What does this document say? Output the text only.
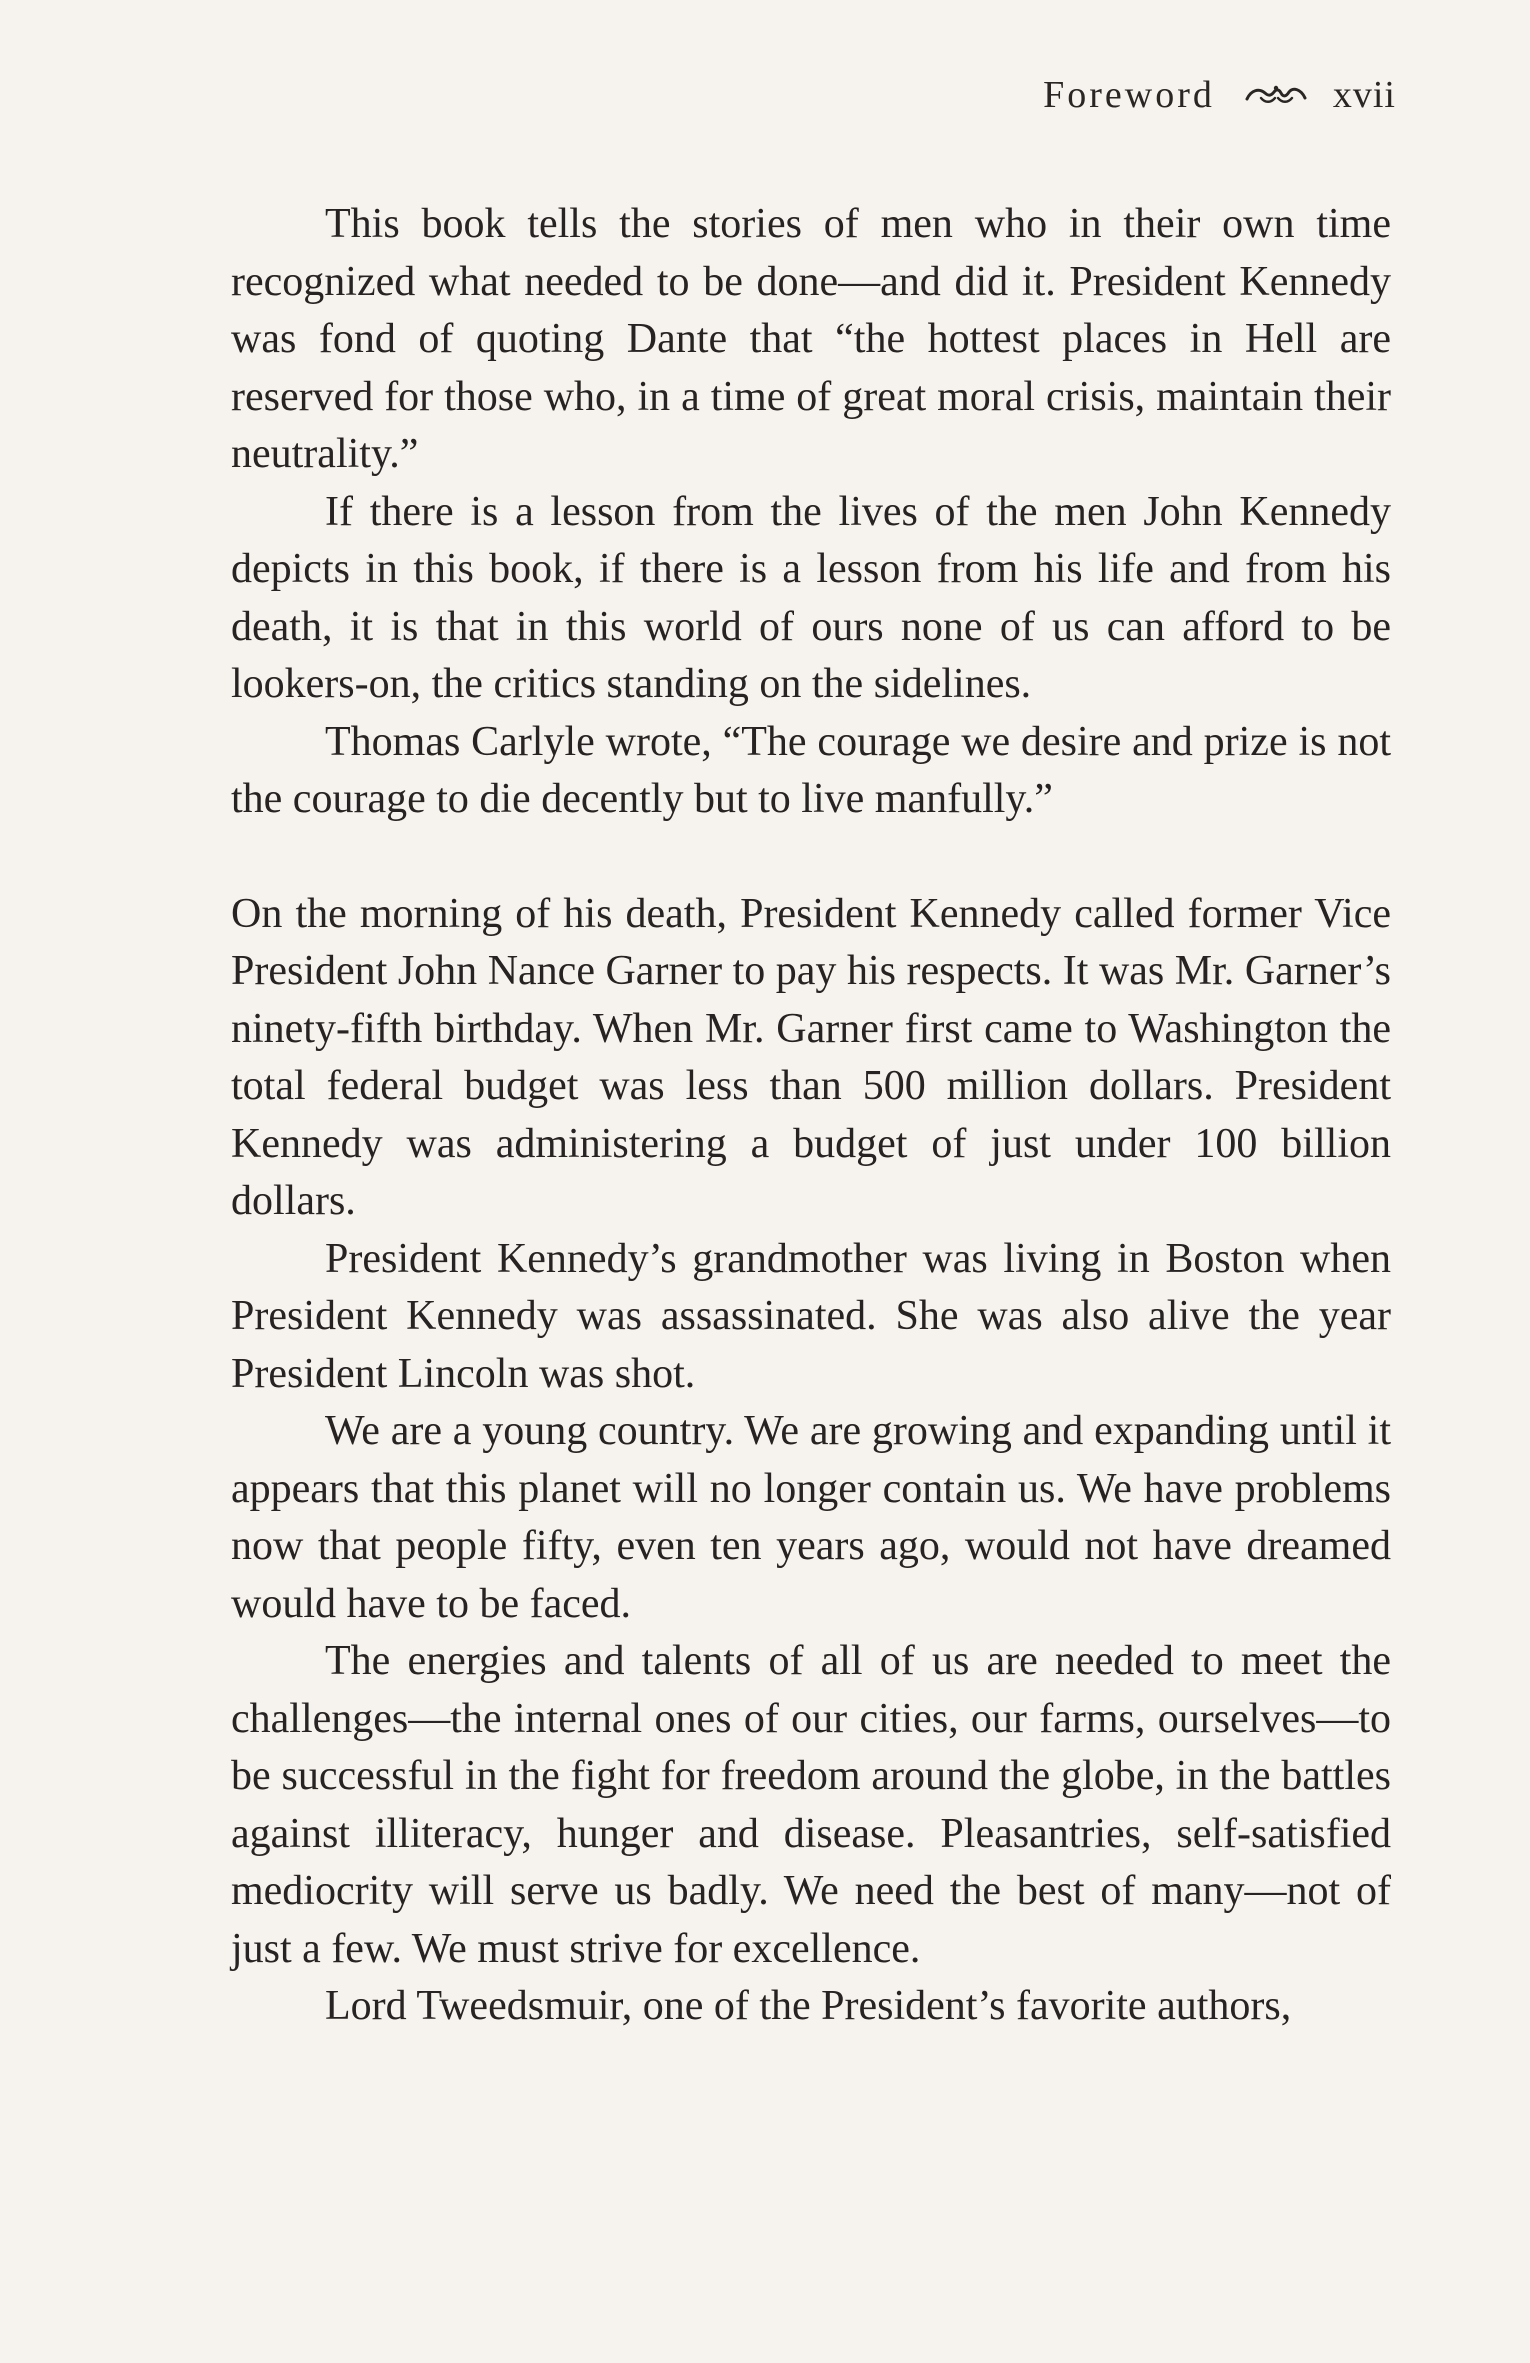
Foreword	xvii

This book tells the stories of men who in their own time recognized what needed to be done—and did it. President Kennedy was fond of quoting Dante that “the hottest places in Hell are reserved for those who, in a time of great moral crisis, maintain their neutrality.”

If there is a lesson from the lives of the men John Kennedy depicts in this book, if there is a lesson from his life and from his death, it is that in this world of ours none of us can afford to be lookers-on, the critics standing on the sidelines.

Thomas Carlyle wrote, “The courage we desire and prize is not the courage to die decently but to live manfully.”

On the morning of his death, President Kennedy called former Vice President John Nance Garner to pay his respects. It was Mr. Garner’s ninety-fifth birthday. When Mr. Garner first came to Washington the total federal budget was less than 500 million dollars. President Kennedy was administering a budget of just under 100 billion dollars.

President Kennedy’s grandmother was living in Boston when President Kennedy was assassinated. She was also alive the year President Lincoln was shot.

We are a young country. We are growing and expanding until it appears that this planet will no longer contain us. We have problems now that people fifty, even ten years ago, would not have dreamed would have to be faced.

The energies and talents of all of us are needed to meet the challenges—the internal ones of our cities, our farms, ourselves—to be successful in the fight for freedom around the globe, in the battles against illiteracy, hunger and disease. Pleasantries, self-satisfied mediocrity will serve us badly. We need the best of many—not of just a few. We must strive for excellence.

Lord Tweedsmuir, one of the President’s favorite authors,
